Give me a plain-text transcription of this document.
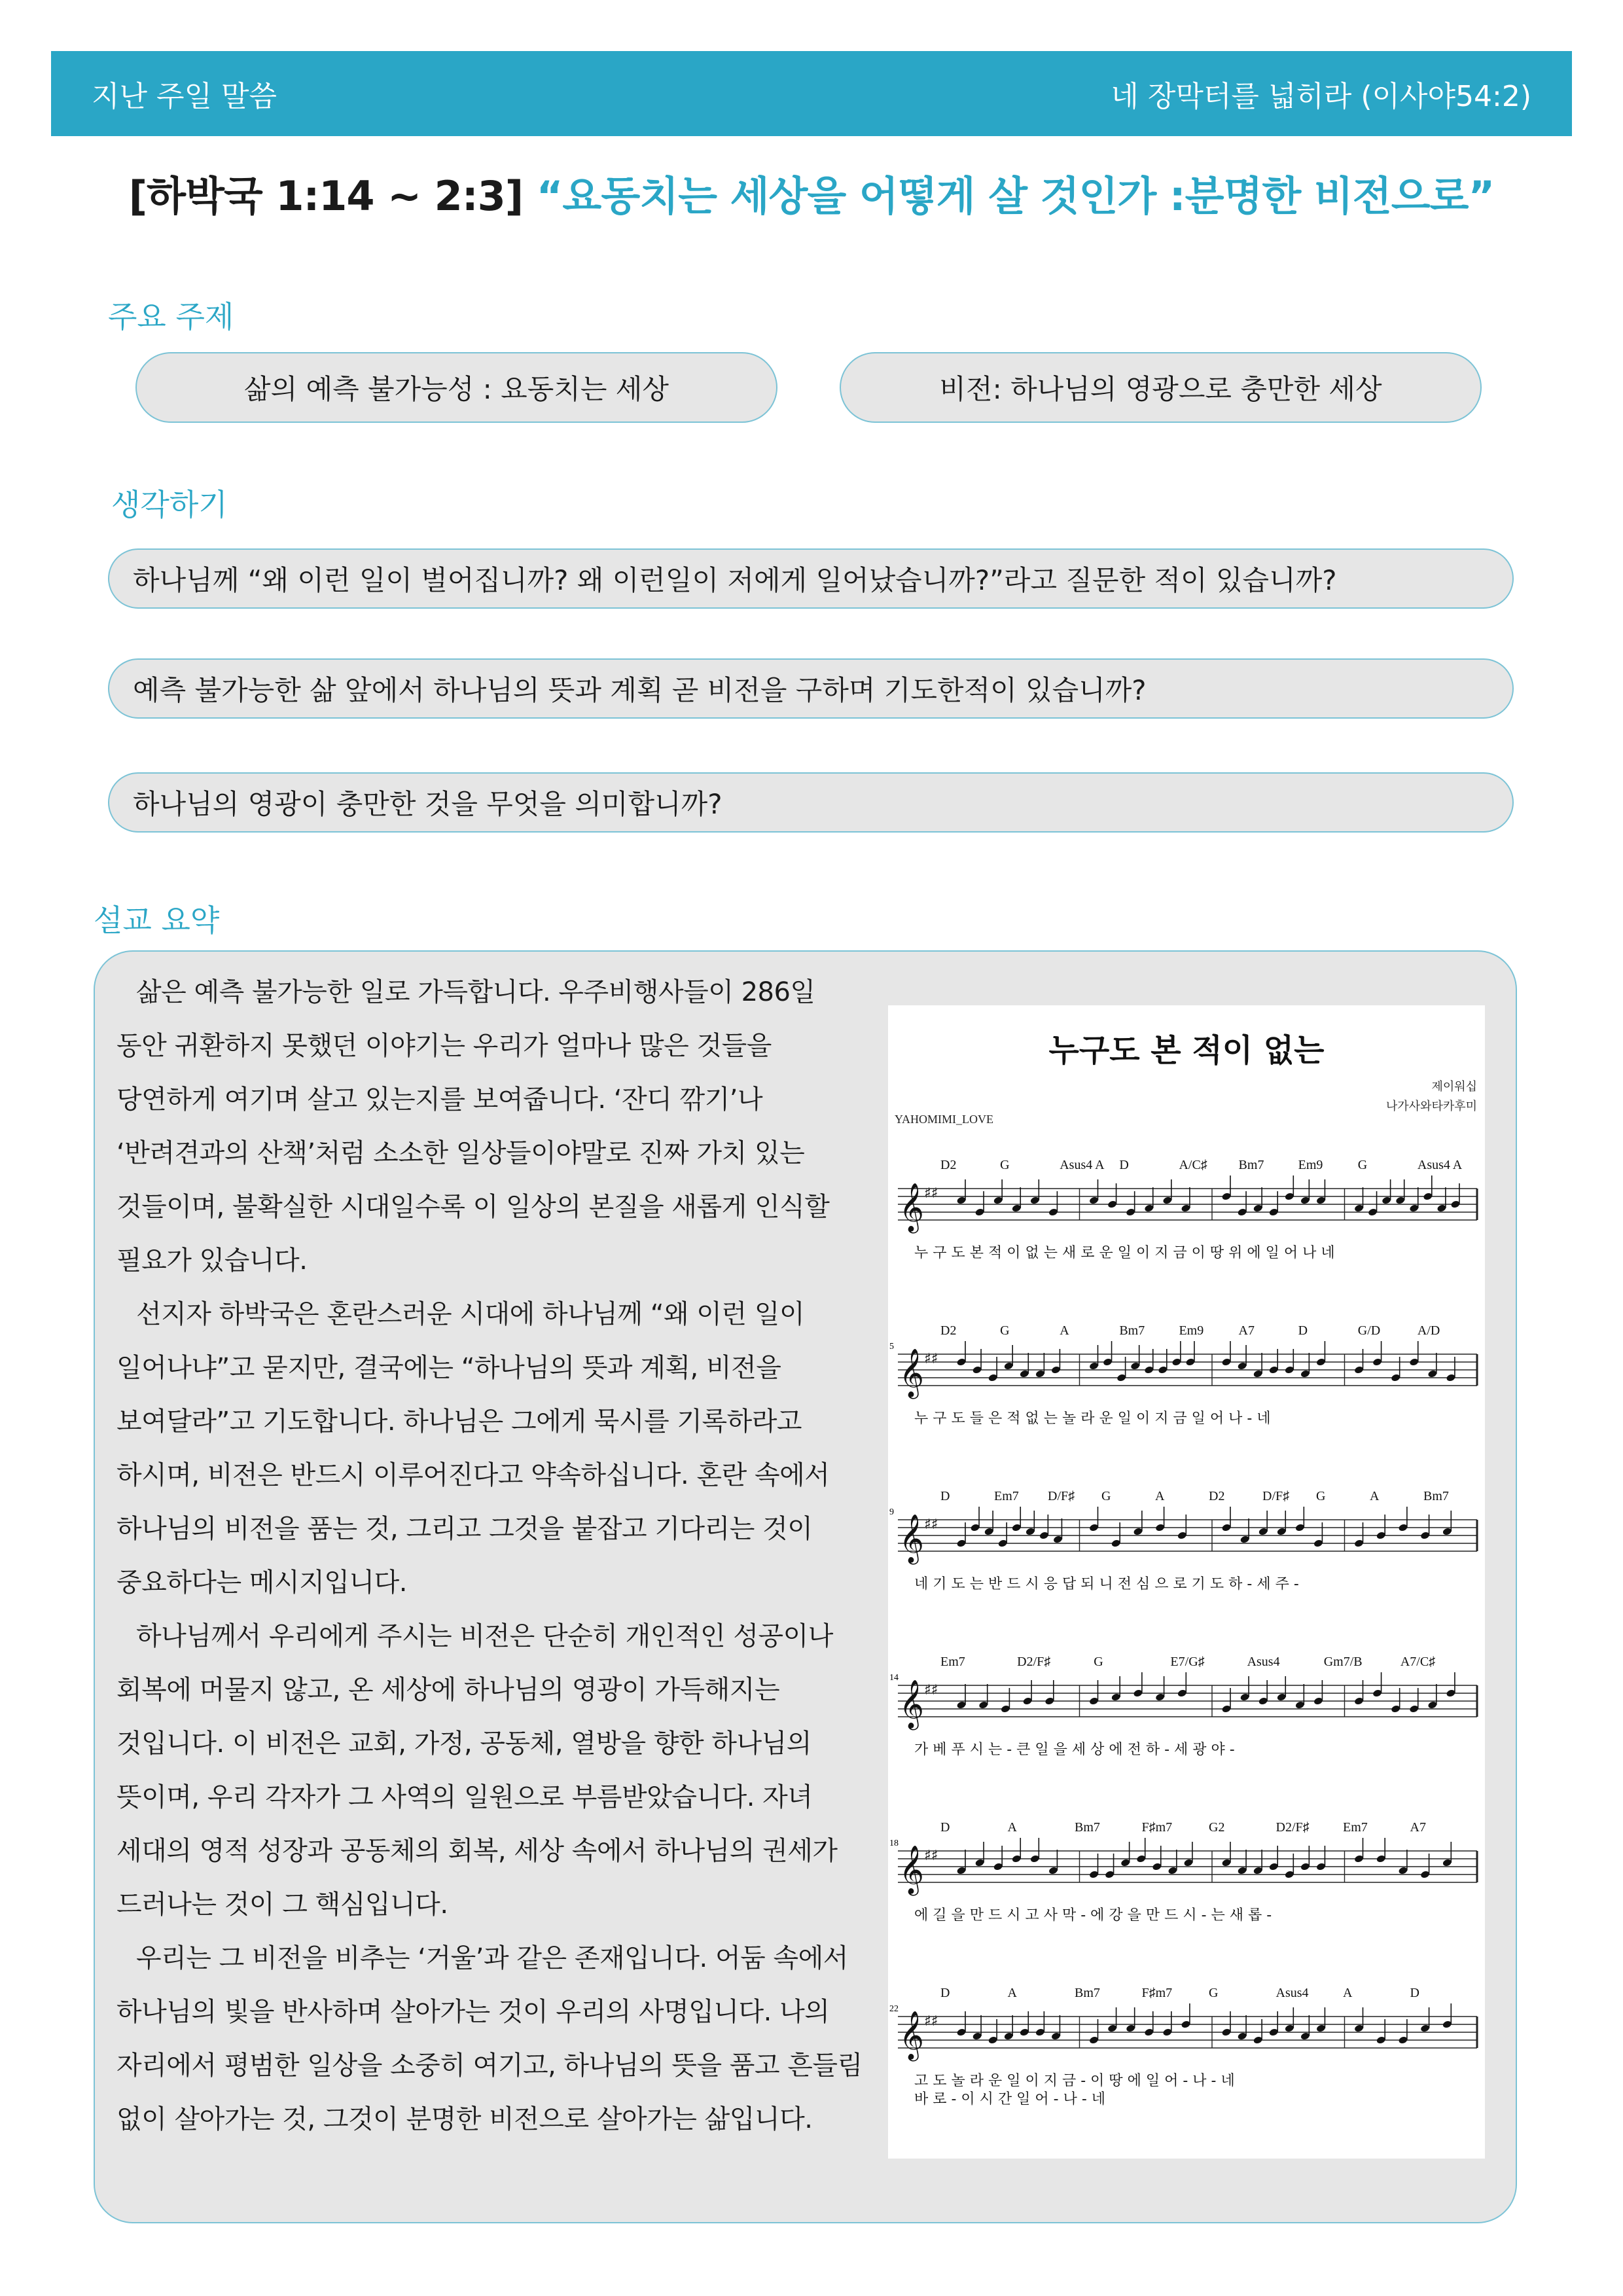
지난 주일 말씀	네 장막터를 넓히라 (이사야54:2)
[하박국 1:14 ~ 2:3] “요동치는 세상을 어떻게 살 것인가 :분명한 비전으로”
주요 주제
삶의 예측 불가능성 : 요동치는 세상	비전: 하나님의 영광으로 충만한 세상
생각하기
하나님께 “왜 이런 일이 벌어집니까? 왜 이런일이 저에게 일어났습니까?”라고 질문한 적이 있습니까?
예측 불가능한 삶 앞에서 하나님의 뜻과 계획 곧 비전을 구하며 기도한적이 있습니까?
하나님의 영광이 충만한 것을 무엇을 의미합니까?
설교 요약

삶은 예측 불가능한 일로 가득합니다. 우주비행사들이 286일 동안 귀환하지 못했던 이야기는 우리가 얼마나 많은 것들을 당연하게 여기며 살고 있는지를 보여줍니다. ‘잔디 깎기’나 ‘반려견과의 산책’처럼 소소한 일상들이야말로 진짜 가치 있는 것들이며, 불확실한 시대일수록 이 일상의 본질을 새롭게 인식할 필요가 있습니다.

선지자 하박국은 혼란스러운 시대에 하나님께 “왜 이런 일이 일어나냐”고 묻지만, 결국에는 “하나님의 뜻과 계획, 비전을 보여달라”고 기도합니다. 하나님은 그에게 묵시를 기록하라고 하시며, 비전은 반드시 이루어진다고 약속하십니다. 혼란 속에서 하나님의 비전을 품는 것, 그리고 그것을 붙잡고 기다리는 것이 중요하다는 메시지입니다.

하나님께서 우리에게 주시는 비전은 단순히 개인적인 성공이나 회복에 머물지 않고, 온 세상에 하나님의 영광이 가득해지는 것입니다. 이 비전은 교회, 가정, 공동체, 열방을 향한 하나님의 뜻이며, 우리 각자가 그 사역의 일원으로 부름받았습니다. 자녀 세대의 영적 성장과 공동체의 회복, 세상 속에서 하나님의 권세가 드러나는 것이 그 핵심입니다.

우리는 그 비전을 비추는 ‘거울’과 같은 존재입니다. 어둠 속에서 하나님의 빛을 반사하며 살아가는 것이 우리의 사명입니다. 나의 자리에서 평범한 일상을 소중히 여기고, 하나님의 뜻을 품고 흔들림 없이 살아가는 것, 그것이 분명한 비전으로 살아가는 삶입니다.

누구도 본 적이 없는
YAHOMIMI_LOVE
제이워십
나가사와타카후미
D2	G	Asus4 A D	A/C♯ Bm7	Em9	G	Asus4 A
𝄞 ♯♯
누 구 도 본 적 이 없 는 새 로 운 일 이 지 금 이 땅 위 에 일 어 나 네
5
D2	G	A	Bm7	Em9	A7	D	G/D	A/D
𝄞 ♯♯
누 구 도 들 은 적 없 는 놀 라 운 일 이 지 금 일 어 나 - 네
9
D	Em7 D/F♯ G	A	D2	D/F♯ G	A	Bm7
𝄞 ♯♯
네 기 도 는 반 드 시 응 답 되 니 전 심 으 로 기 도 하 - 세 주 -
14
Em7	D2/F♯	G	E7/G♯	Asus4	Gm7/B	A7/C♯
𝄞 ♯♯
가 베 푸 시 는 - 큰 일 을 세 상 에 전 하 - 세 광 야 -
18
D	A	Bm7	F♯m7	G2	D2/F♯	Em7	A7
𝄞 ♯♯
에 길 을 만 드 시 고 사 막 - 에 강 을 만 드 시 - 는 새 롭 -
22
D	A	Bm7	F♯m7	G	Asus4	A	D
𝄞 ♯♯
고 도 놀 라 운 일 이 지 금 - 이 땅 에 일 어 - 나 - 네
바 로 - 이 시 간 일 어 - 나 - 네
